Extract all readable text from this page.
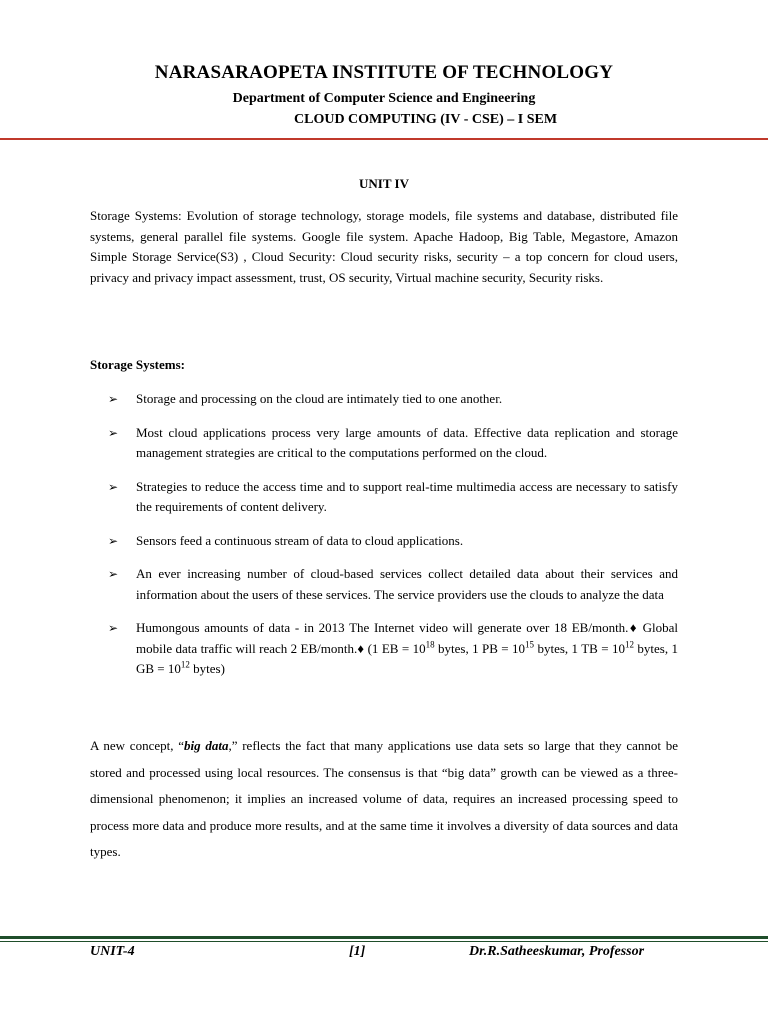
NARASARAOPETA INSTITUTE OF TECHNOLOGY
Department of Computer Science and Engineering
CLOUD COMPUTING (IV - CSE) – I SEM
UNIT IV

Storage Systems: Evolution of storage technology, storage models, file systems and database, distributed file systems, general parallel file systems. Google file system. Apache Hadoop, Big Table, Megastore, Amazon Simple Storage Service(S3) , Cloud Security: Cloud security risks, security – a top concern for cloud users, privacy and privacy impact assessment, trust, OS security, Virtual machine security, Security risks.

Storage Systems:

➢ Storage and processing on the cloud are intimately tied to one another.
➢ Most cloud applications process very large amounts of data. Effective data replication and storage management strategies are critical to the computations performed on the cloud.
➢ Strategies to reduce the access time and to support real-time multimedia access are necessary to satisfy the requirements of content delivery.
➢ Sensors feed a continuous stream of data to cloud applications.
➢ An ever increasing number of cloud-based services collect detailed data about their services and information about the users of these services. The service providers use the clouds to analyze the data
➢ Humongous amounts of data - in 2013 The Internet video will generate over 18 EB/month.♦ Global mobile data traffic will reach 2 EB/month.♦ (1 EB = $10^{18}$ bytes, 1 PB = $10^{15}$ bytes, 1 TB = $10^{12}$ bytes, 1 GB = $10^{12}$ bytes)

A new concept, “big data,” reflects the fact that many applications use data sets so large that they cannot be stored and processed using local resources. The consensus is that “big data” growth can be viewed as a three-dimensional phenomenon; it implies an increased volume of data, requires an increased processing speed to process more data and produce more results, and at the same time it involves a diversity of data sources and data types.

UNIT-4	[1]	Dr.R.Satheeskumar, Professor
